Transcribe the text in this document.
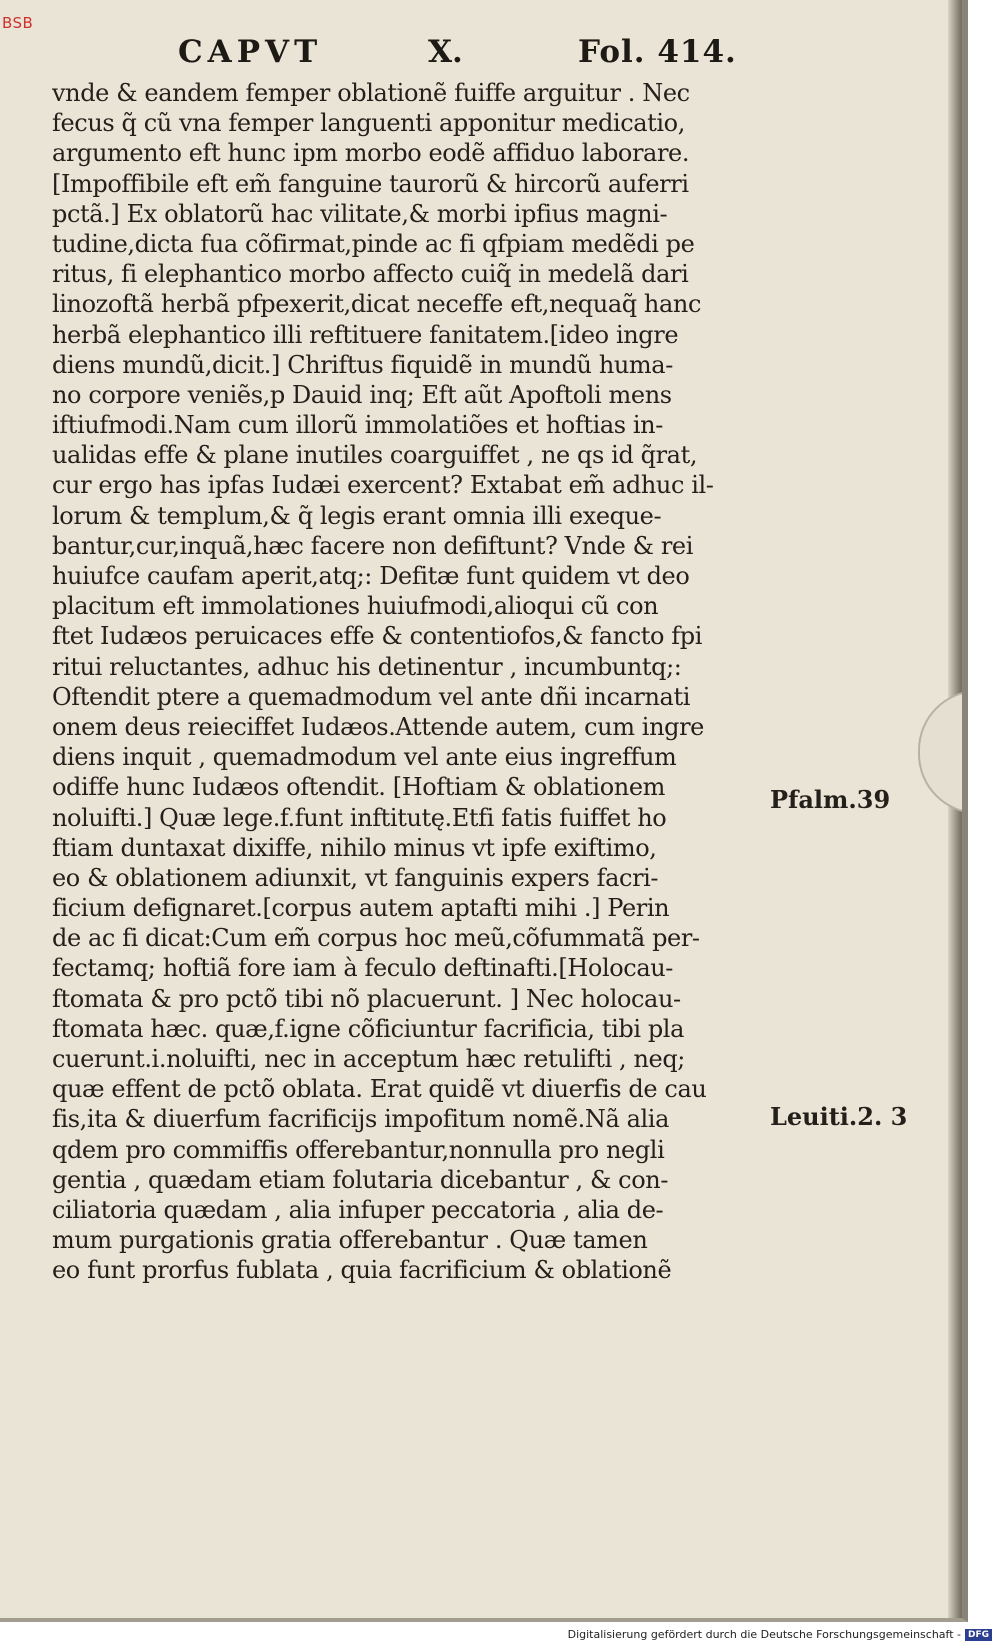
CAPVT	X.	Fol. 414.
vnde & eandem femper oblationẽ fuiffe arguitur . Nec
fecus q̃ cũ vna femper languenti apponitur medicatio,
argumento eft hunc ipm morbo eodẽ affiduo laborare.
[Impoffibile eft em̃ fanguine taurorũ & hircorũ auferri
pctã.] Ex oblatorũ hac vilitate,& morbi ipfius magni-
tudine,dicta fua cõfirmat,pinde ac fi qfpiam medẽdi pe
ritus, fi elephantico morbo affecto cuiq̃ in medelã dari
linozoftã herbã pfpexerit,dicat neceffe eft,nequaq̃ hanc
herbã elephantico illi reftituere fanitatem.[ideo ingre
diens mundũ,dicit.] Chriftus fiquidẽ in mundũ huma-
no corpore veniẽs,p Dauid inq; Eft aũt Apoftoli mens
iftiufmodi.Nam cum illorũ immolatiões et hoftias in-
ualidas effe & plane inutiles coarguiffet , ne qs id q̃rat,
cur ergo has ipfas Iudæi exercent? Extabat em̃ adhuc il-
lorum & templum,& q̃ legis erant omnia illi exeque-
bantur,cur,inquã,hæc facere non defiftunt? Vnde & rei
huiufce caufam aperit,atq;: Defitæ funt quidem vt deo
placitum eft immolationes huiufmodi,alioqui cũ con
ftet Iudæos peruicaces effe & contentiofos,& fancto fpi
ritui reluctantes, adhuc his detinentur , incumbuntq;:
Oftendit ptere a quemadmodum vel ante dñi incarnati
onem deus reieciffet Iudæos.Attende autem, cum ingre
diens inquit , quemadmodum vel ante eius ingreffum
odiffe hunc Iudæos oftendit. [Hoftiam & oblationem
noluifti.] Quæ lege.f.funt inftitutę.Etfi fatis fuiffet ho
ftiam duntaxat dixiffe, nihilo minus vt ipfe exiftimo,
eo & oblationem adiunxit, vt fanguinis expers facri-
ficium defignaret.[corpus autem aptafti mihi .] Perin
de ac fi dicat:Cum em̃ corpus hoc meũ,cõfummatã per-
fectamq; hoftiã fore iam à feculo deftinafti.[Holocau-
ftomata & pro pctõ tibi nõ placuerunt. ] Nec holocau-
ftomata hæc. quæ,f.igne cõficiuntur facrificia, tibi pla
cuerunt.i.noluifti, nec in acceptum hæc retulifti , neq;
quæ effent de pctõ oblata. Erat quidẽ vt diuerfis de cau
fis,ita & diuerfum facrificijs impofitum nomẽ.Nã alia
qdem pro commiffis offerebantur,nonnulla pro negli
gentia , quædam etiam folutaria dicebantur , & con-
ciliatoria quædam , alia infuper peccatoria , alia de-
mum purgationis gratia offerebantur . Quæ tamen
eo funt prorfus fublata , quia facrificium & oblationẽ
Pfalm.39
Leuiti.2. 3
BSB
Digitalisierung gefördert durch die Deutsche Forschungsgemeinschaft - DFG
